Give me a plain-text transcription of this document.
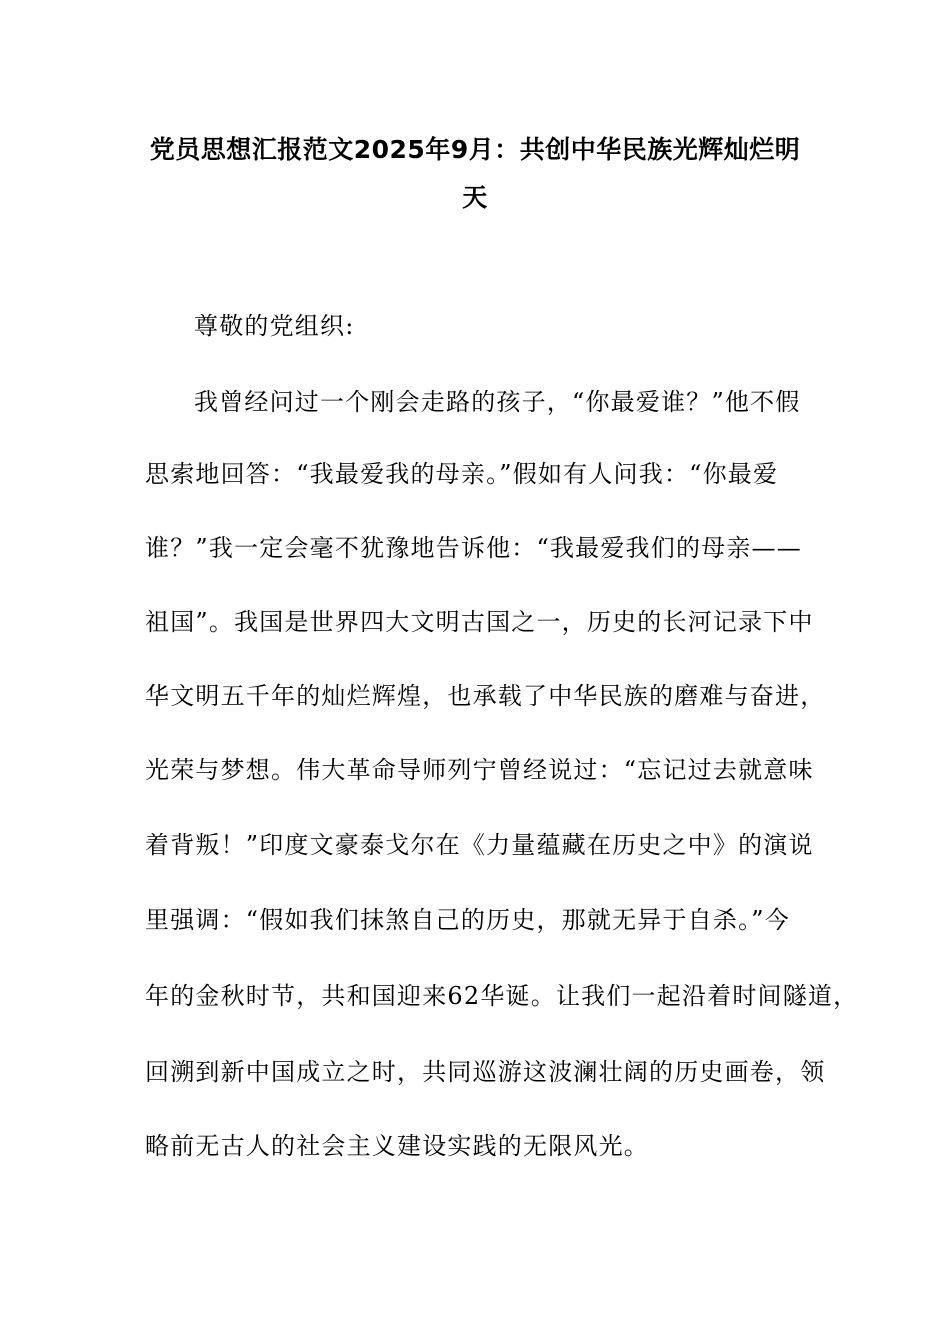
党员思想汇报范文2025年9月：共创中华民族光辉灿烂明
天
尊敬的党组织:
我曾经问过一个刚会走路的孩子，“你最爱谁？”他不假
思索地回答：“我最爱我的母亲。”假如有人问我：“你最爱
谁？”我一定会毫不犹豫地告诉他：“我最爱我们的母亲——
祖国”。我国是世界四大文明古国之一，历史的长河记录下中
华文明五千年的灿烂辉煌，也承载了中华民族的磨难与奋进，
光荣与梦想。伟大革命导师列宁曾经说过：“忘记过去就意味
着背叛！”印度文豪泰戈尔在《力量蕴藏在历史之中》的演说
里强调：“假如我们抹煞自己的历史，那就无异于自杀。”今
年的金秋时节，共和国迎来62华诞。让我们一起沿着时间隧道，
回溯到新中国成立之时，共同巡游这波澜壮阔的历史画卷，领
略前无古人的社会主义建设实践的无限风光。
